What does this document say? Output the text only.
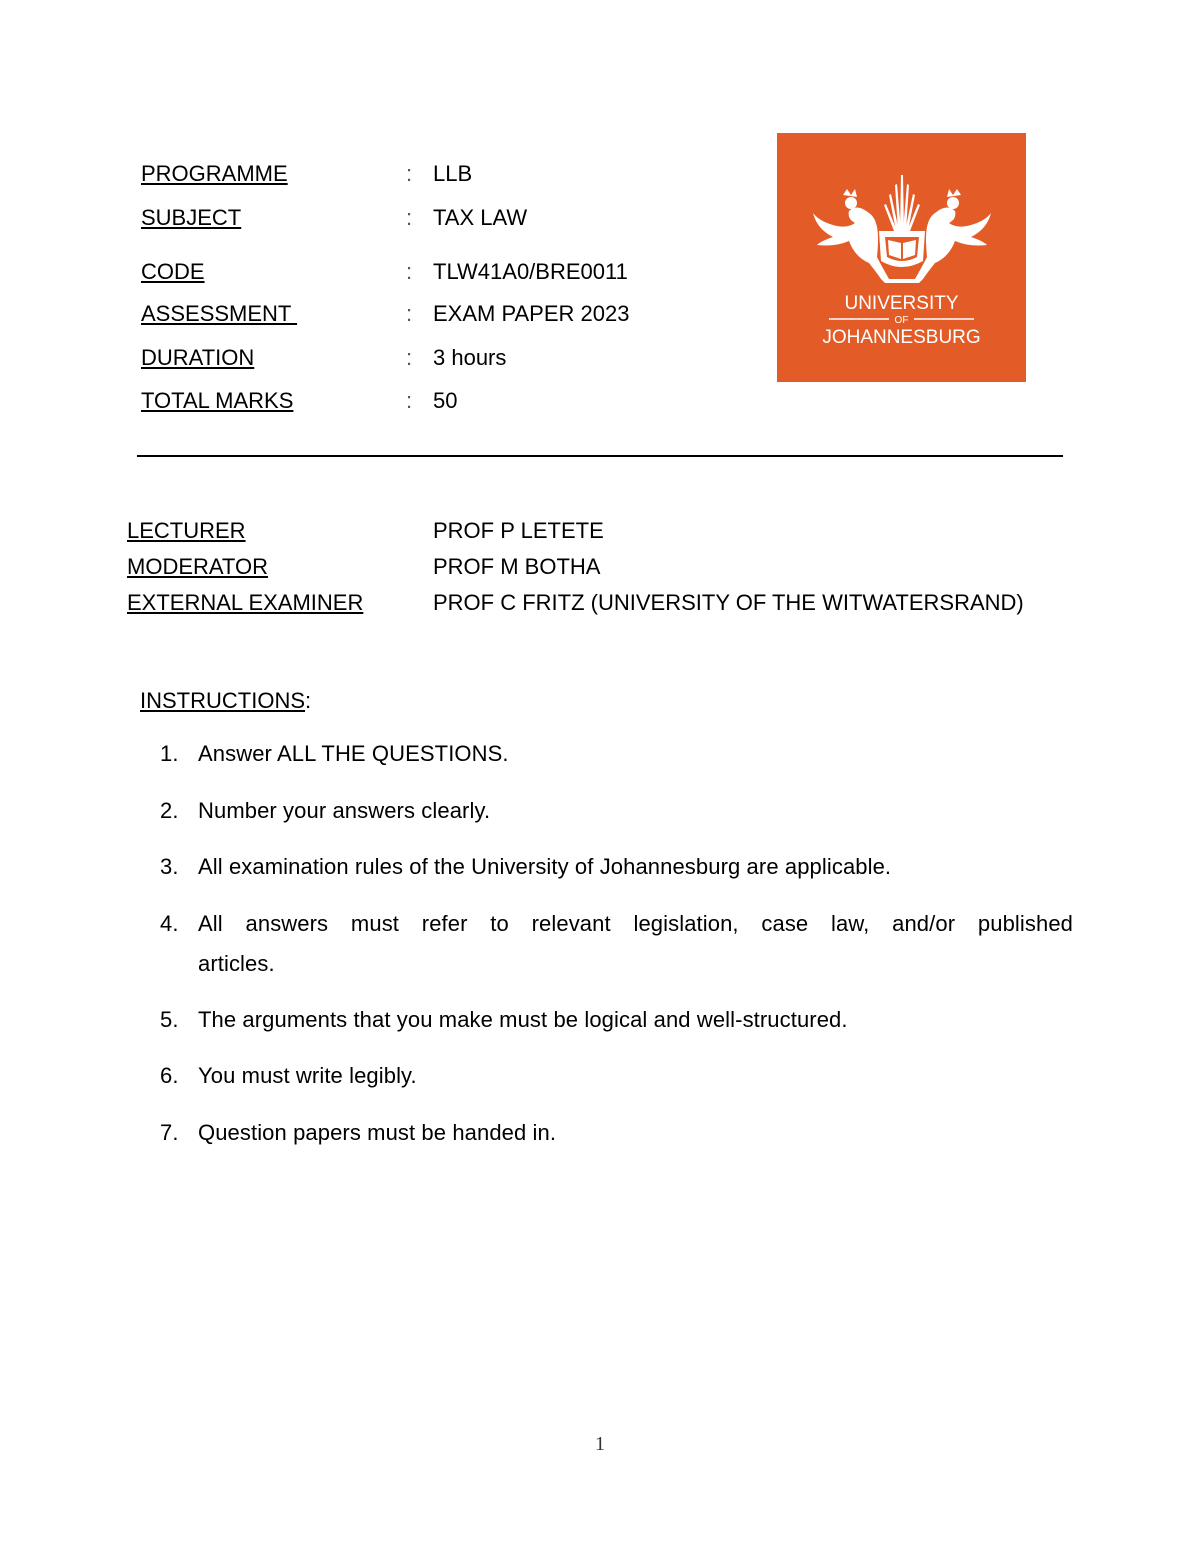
PROGRAMME	: LLB
SUBJECT	: TAX LAW
CODE	: TLW41A0/BRE0011
ASSESSMENT	: EXAM PAPER 2023
DURATION	: 3 hours
TOTAL MARKS	: 50
UNIVERSITY
OF
JOHANNESBURG
LECTURER	PROF P LETETE
MODERATOR	PROF M BOTHA
EXTERNAL EXAMINER	PROF C FRITZ (UNIVERSITY OF THE WITWATERSRAND)
INSTRUCTIONS:
1. Answer ALL THE QUESTIONS.
2. Number your answers clearly.
3. All examination rules of the University of Johannesburg are applicable.
4. All answers must refer to relevant legislation, case law, and/or published articles.
5. The arguments that you make must be logical and well-structured.
6. You must write legibly.
7. Question papers must be handed in.
1
